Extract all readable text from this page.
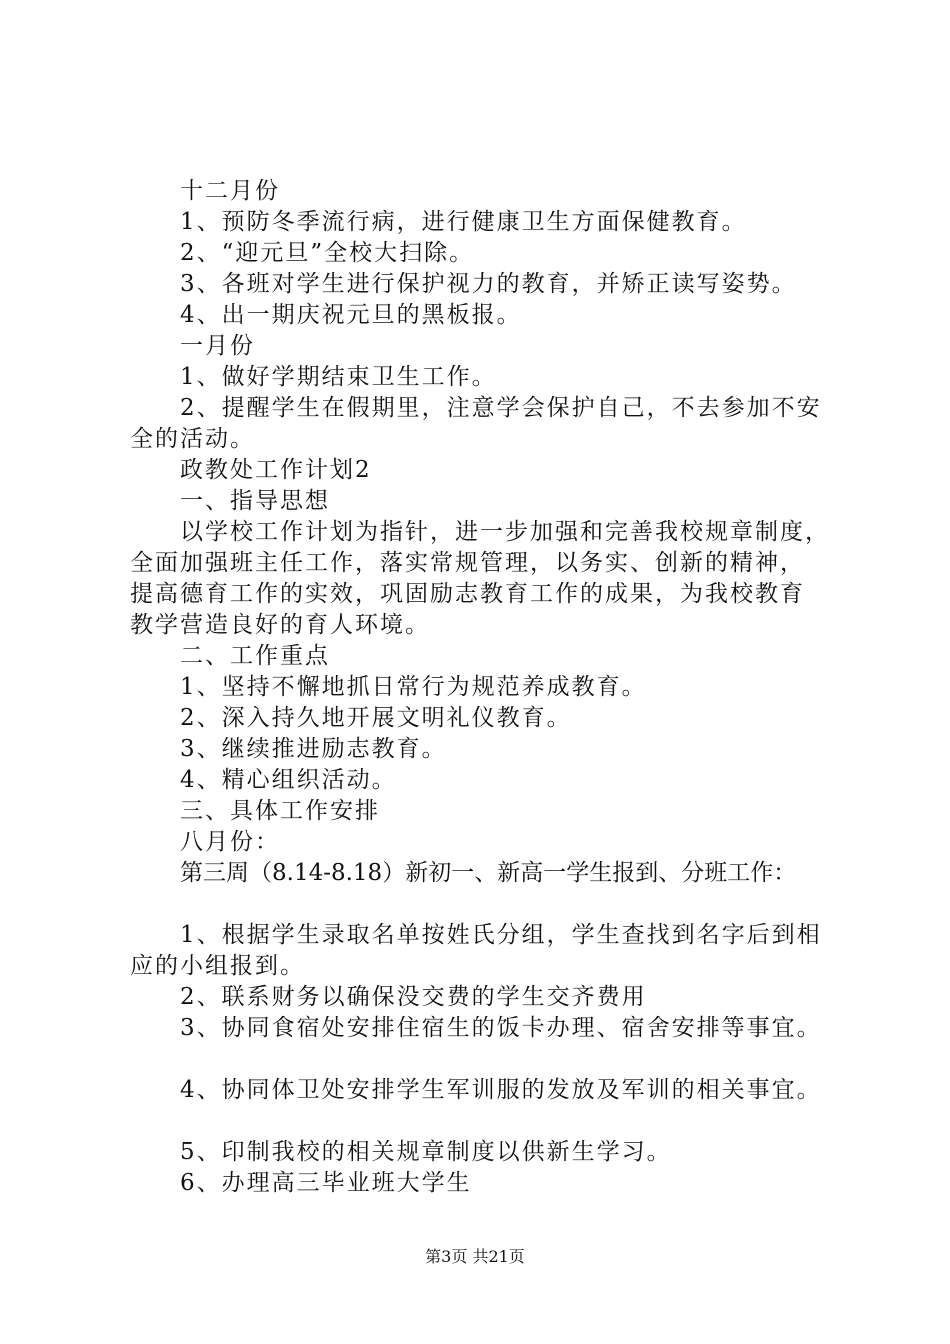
十二月份
1、预防冬季流行病，进行健康卫生方面保健教育。
2、“迎元旦”全校大扫除。
3、各班对学生进行保护视力的教育，并矫正读写姿势。
4、出一期庆祝元旦的黑板报。
一月份
1、做好学期结束卫生工作。
2、提醒学生在假期里，注意学会保护自己，不去参加不安
全的活动。
政教处工作计划2
一、指导思想
以学校工作计划为指针，进一步加强和完善我校规章制度，
全面加强班主任工作，落实常规管理，以务实、创新的精神，
提高德育工作的实效，巩固励志教育工作的成果，为我校教育
教学营造良好的育人环境。
二、工作重点
1、坚持不懈地抓日常行为规范养成教育。
2、深入持久地开展文明礼仪教育。
3、继续推进励志教育。
4、精心组织活动。
三、具体工作安排
八月份：
第三周（8.14-8.18）新初一、新高一学生报到、分班工作：
1、根据学生录取名单按姓氏分组，学生查找到名字后到相
应的小组报到。
2、联系财务以确保没交费的学生交齐费用
3、协同食宿处安排住宿生的饭卡办理、宿舍安排等事宜。
4、协同体卫处安排学生军训服的发放及军训的相关事宜。
5、印制我校的相关规章制度以供新生学习。
6、办理高三毕业班大学生
第3页 共21页
